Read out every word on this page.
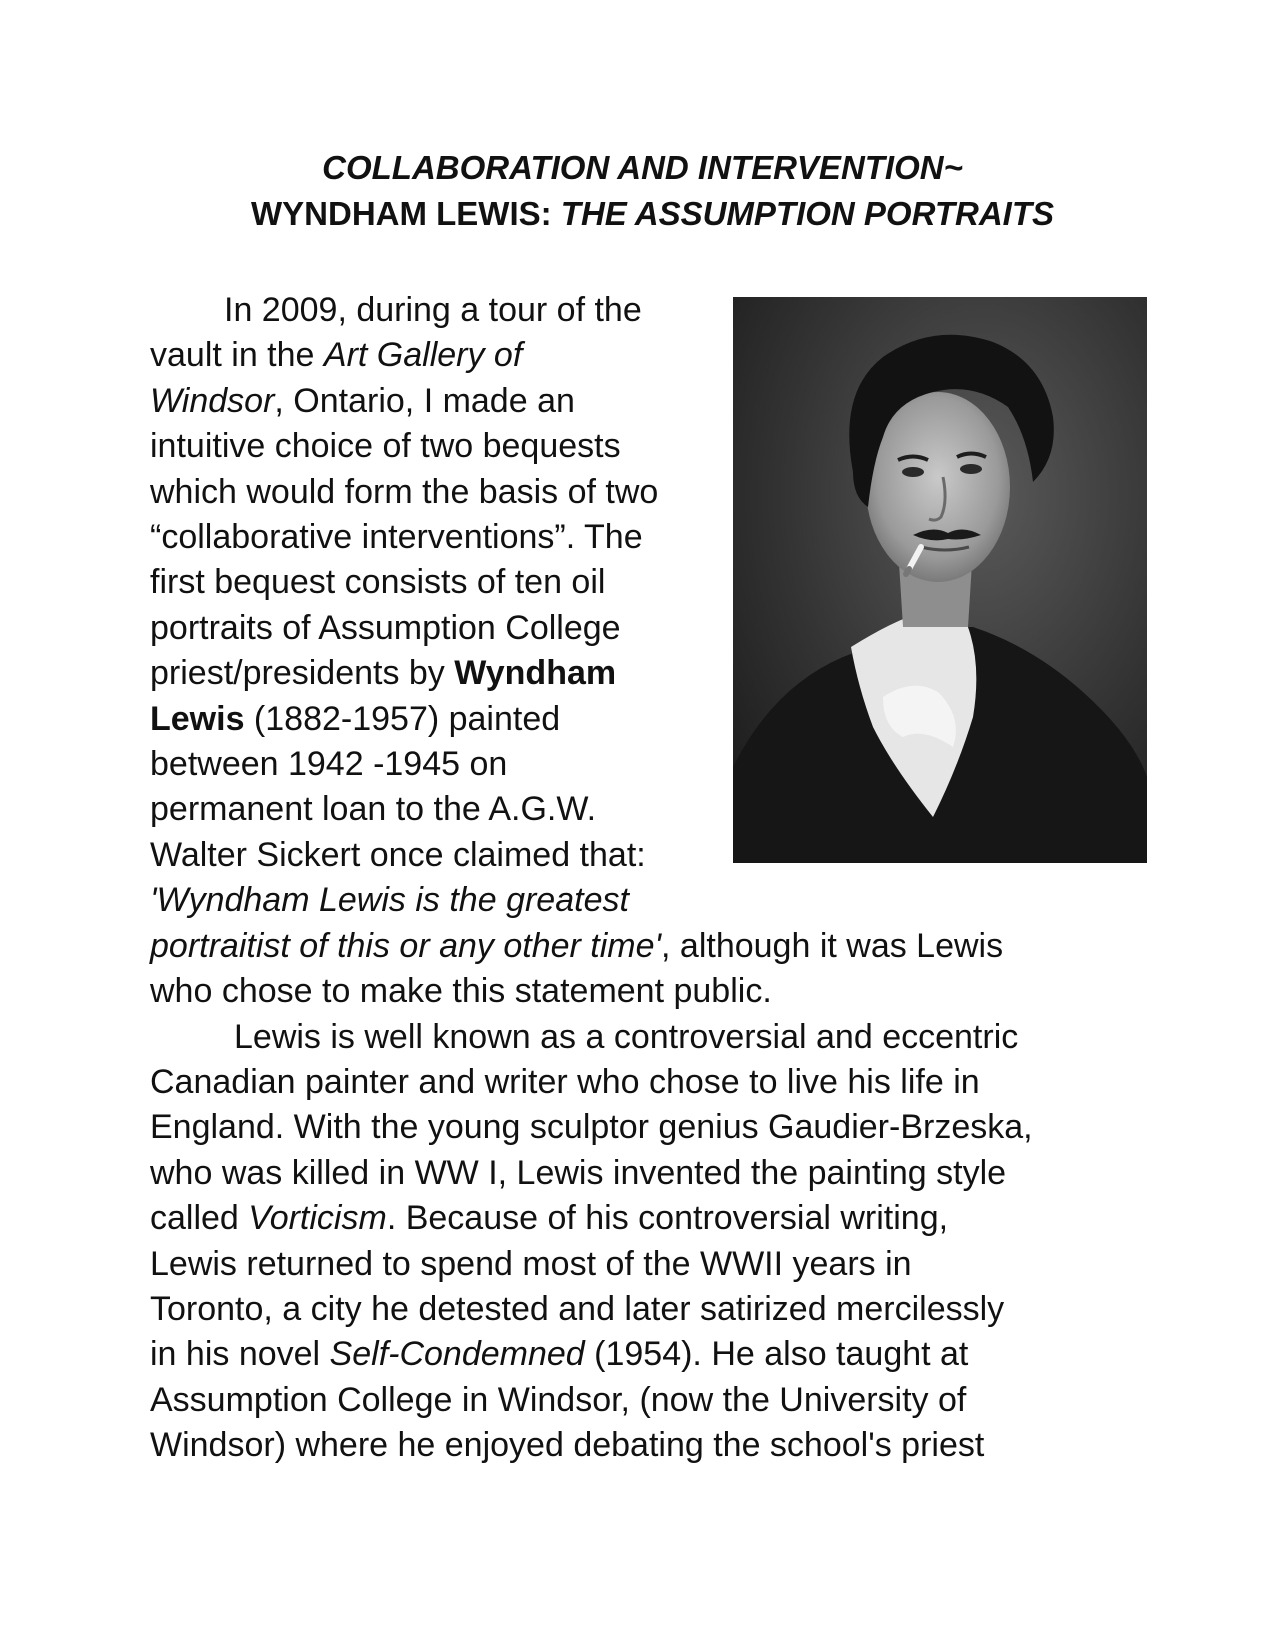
COLLABORATION AND INTERVENTION~
WYNDHAM LEWIS: THE ASSUMPTION PORTRAITS
In 2009, during a tour of the
vault in the Art Gallery of
Windsor, Ontario, I made an
intuitive choice of two bequests
which would form the basis of two
“collaborative interventions”. The
first bequest consists of ten oil
portraits of Assumption College
priest/presidents by Wyndham
Lewis (1882-1957) painted
between 1942 -1945 on
permanent loan to the A.G.W.
Walter Sickert once claimed that:
'Wyndham Lewis is the greatest
portraitist of this or any other time', although it was Lewis
who chose to make this statement public.
Lewis is well known as a controversial and eccentric
Canadian painter and writer who chose to live his life in
England. With the young sculptor genius Gaudier-Brzeska,
who was killed in WW I, Lewis invented the painting style
called Vorticism. Because of his controversial writing,
Lewis returned to spend most of the WWII years in
Toronto, a city he detested and later satirized mercilessly
in his novel Self-Condemned (1954). He also taught at
Assumption College in Windsor, (now the University of
Windsor) where he enjoyed debating the school's priest
